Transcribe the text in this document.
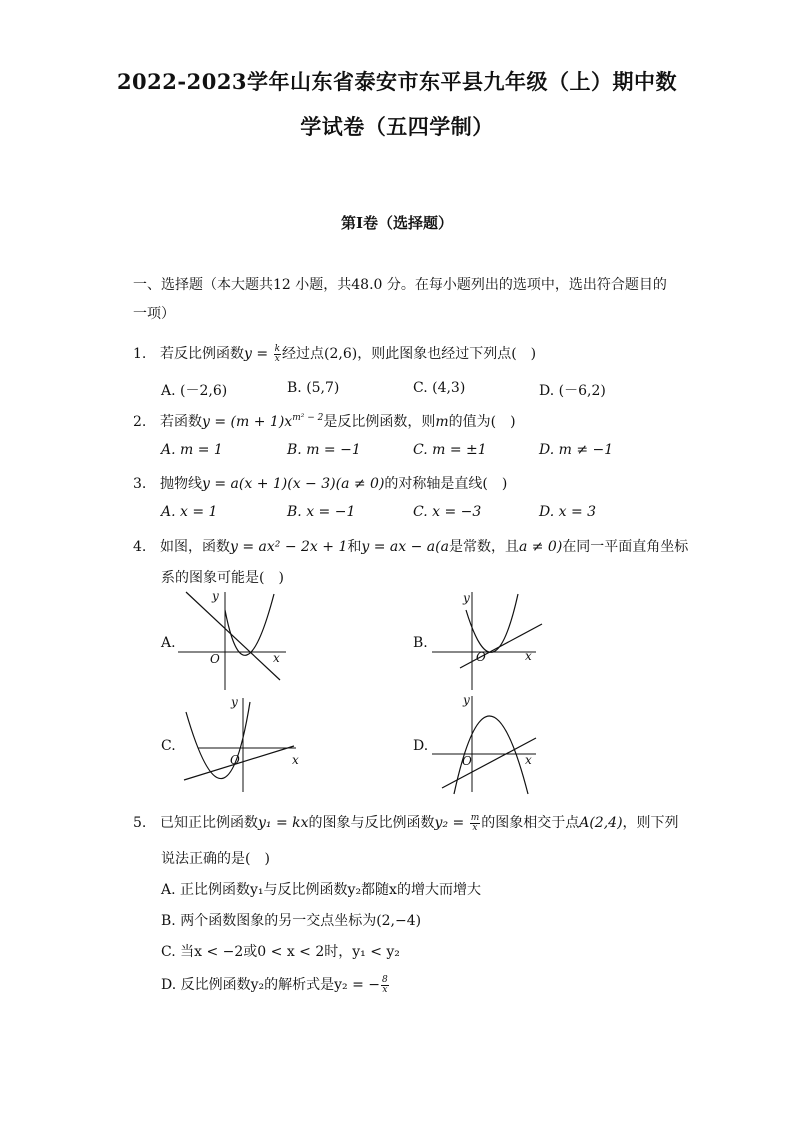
2022-2023学年山东省泰安市东平县九年级（上）期中数
学试卷（五四学制）
第I卷（选择题）
一、选择题（本大题共12 小题，共48.0 分。在每小题列出的选项中，选出符合题目的
一项）
1. 若反比例函数$y = \frac{k}{x}$ 经过点(2,6)，则此图象也经过下列点(　)
A. (－2,6)	B. (5,7)	C. (4,3)	D. (－6,2)
2. 若函数$y = (m + 1)x^{m^2 - 2}$是反比例函数，则m的值为(　)
A. m = 1	B. m = −1	C. m = ±1	D. m ≠ −1
3. 抛物线y = a(x + 1)(x − 3)(a ≠ 0)的对称轴是直线(　)
A. x = 1	B. x = −1	C. x = −3	D. x = 3
4. 如图，函数y = ax² − 2x + 1和y = ax − a(a是常数，且a ≠ 0)在同一平面直角坐标
系的图象可能是(　)
A.	B.
C.	D.
y
x
O
y
x
O
y
x
O
y
x
O
5. 已知正比例函数y₁ = kx的图象与反比例函数$y_2 = \frac{m}{x}$ 的图象相交于点A(2,4)，则下列
说法正确的是(　)
A. 正比例函数y₁与反比例函数y₂都随x的增大而增大
B. 两个函数图象的另一交点坐标为(2,−4)
C. 当x < −2或0 < x < 2时，y₁ < y₂
D. 反比例函数y₂的解析式是y₂ = − $\frac{8}{x}$
